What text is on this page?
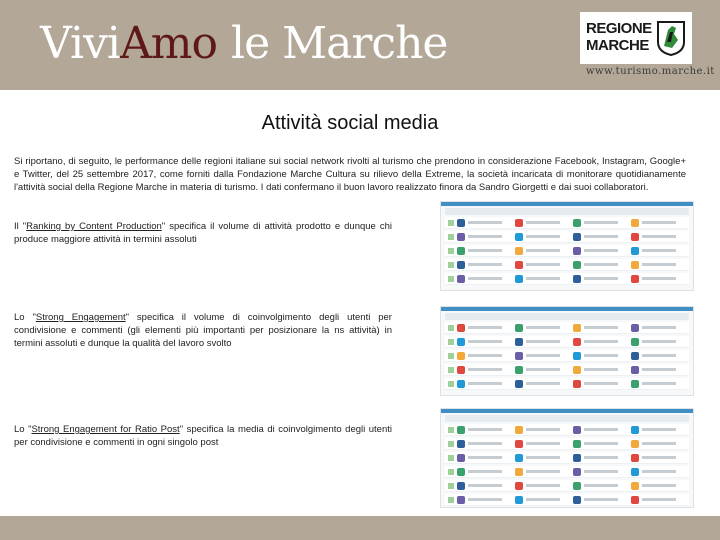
ViviAmo le Marche	REGIONE
MARCHE
www.turismo.marche.it
Attività social media
Si riportano, di seguito, le performance delle regioni italiane sui social network rivolti al turismo che prendono in considerazione Facebook, Instagram, Google+ e Twitter, del 25 settembre 2017, come forniti dalla Fondazione Marche Cultura su rilievo della Extreme, la società incaricata di monitorare quotidianamente l'attività social della Regione Marche in materia di turismo. I dati confermano il buon lavoro realizzato finora da Sandro Giorgetti e dai suoi collaboratori.
Il "Ranking by Content Production" specifica il volume di attività prodotto e dunque chi produce maggiore attività in termini assoluti
Lo "Strong Engagement" specifica il volume di coinvolgimento degli utenti per condivisione e commenti (gli elementi più importanti per posizionare la ns attività) in termini assoluti e dunque la qualità del lavoro svolto
Lo "Strong Engagement for Ratio Post" specifica la media di coinvolgimento degli utenti per condivisione e commenti in ogni singolo post
